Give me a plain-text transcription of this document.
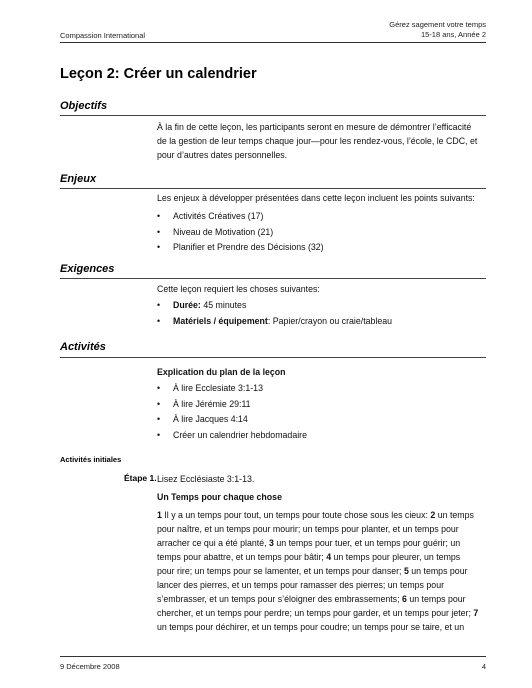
Compassion International
Gérez sagement votre temps
15-18 ans, Année 2
Leçon 2: Créer un calendrier
Objectifs

À la fin de cette leçon, les participants seront en mesure de démontrer l’efficacité

de la gestion de leur temps chaque jour—pour les rendez-vous, l’école, le CDC, et

pour d’autres dates personnelles.

Enjeux

Les enjeux à développer présentées dans cette leçon incluent les points suivants:

• Activités Créatives (17)
• Niveau de Motivation (21)
• Planifier et Prendre des Décisions (32)
Exigences

Cette leçon requiert les choses suivantes:

• Durée: 45 minutes
• Matériels / équipement: Papier/crayon ou craie/tableau
Activités

Explication du plan de la leçon

• À lire Ecclesiate 3:1-13
• À lire Jérémie 29:11
• À lire Jacques 4:14
• Créer un calendrier hebdomadaire
Activités initiales
Étape 1. Lisez Ecclésiaste 3:1-13.

Un Temps pour chaque chose

1 Il y a un temps pour tout, un temps pour toute chose sous les cieux: 2 un temps

pour naître, et un temps pour mourir; un temps pour planter, et un temps pour

arracher ce qui a été planté, 3 un temps pour tuer, et un temps pour guérir; un

temps pour abattre, et un temps pour bâtir; 4 un temps pour pleurer, un temps

pour rire; un temps pour se lamenter, et un temps pour danser; 5 un temps pour

lancer des pierres, et un temps pour ramasser des pierres; un temps pour

s’embrasser, et un temps pour s’éloigner des embrassements; 6 un temps pour

chercher, et un temps pour perdre; un temps pour garder, et un temps pour jeter; 7

un temps pour déchirer, et un temps pour coudre; un temps pour se taire, et un

9 Décembre 2008	4
